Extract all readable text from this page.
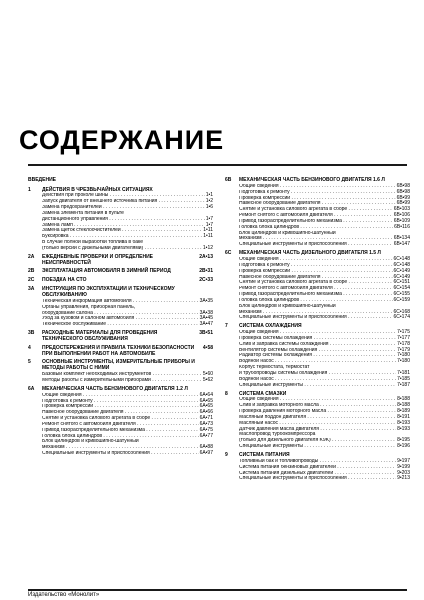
СОДЕРЖАНИЕ
ВВЕДЕНИЕ
1	ДЕЙСТВИЯ В ЧРЕЗВЫЧАЙНЫХ СИТУАЦИЯХ
Действия при проколе шины . . .	1•1
Запуск двигателя от внешнего источника питания . . .	1•2
Замена предохранителей . . .	1•6
Замена элемента питания в пульте
дистанционного управления . . .	1•7
Замена ламп . . .	1•7
Замена щеток стеклоочистителей . . .	1•11
Буксировка . . .	1•11
В случае полной выработки топлива в баке
(только версии с дизельными двигателями) . . .	1•12
2A	ЕЖЕДНЕВНЫЕ ПРОВЕРКИ И ОПРЕДЕЛЕНИЕ НЕИСПРАВНОСТЕЙ
2A•13
2B	ЭКСПЛУАТАЦИЯ АВТОМОБИЛЯ В ЗИМНИЙ ПЕРИОД	2B•31
2C	ПОЕЗДКА НА СТО	2C•33
3A	ИНСТРУКЦИЯ ПО ЭКСПЛУАТАЦИИ И ТЕХНИЧЕСКОМУ ОБСЛУЖИВАНИЮ
Техническая информация автомобиля . . .	3A•35
Органы управления, приборная панель,
оборудование салона . . .	3A•38
Уход за кузовом и салоном автомобиля . . .	3A•45
Техническое обслуживание . . .	3A•47
3B	РАСХОДНЫЕ МАТЕРИАЛЫ ДЛЯ ПРОВЕДЕНИЯ ТЕХНИЧЕСКОГО ОБСЛУЖИВАНИЯ
3B•51
4	ПРЕДОСТЕРЕЖЕНИЯ И ПРАВИЛА ТЕХНИКИ БЕЗОПАСНОСТИ ПРИ ВЫПОЛНЕНИИ РАБОТ НА АВТОМОБИЛЕ
4•58
5	ОСНОВНЫЕ ИНСТРУМЕНТЫ, ИЗМЕРИТЕЛЬНЫЕ ПРИБОРЫ И МЕТОДЫ РАБОТЫ С НИМИ
Базовый комплект необходимых инструментов . . .	5•60
Методы работы с измерительными приборами . . .	5•62
6A	МЕХАНИЧЕСКАЯ ЧАСТЬ БЕНЗИНОВОГО ДВИГАТЕЛЯ 1.2 Л
Общие сведения . . .	6A•64
Подготовка к ремонту . . .	6A•65
Проверка компрессии . . .	6A•65
Навесное оборудование двигателя . . .	6A•66
Снятие и установка силового агрегата в сборе . . .	6A•71
Ремонт снятого с автомобиля двигателя . . .	6A•73
Привод газораспределительного механизма . . .	6A•75
Головка блока цилиндров . . .	6A•77
Блок цилиндров и кривошипно-шатунный
механизм . . .	6A•88
Специальные инструменты и приспособления . . .	6A•97
6B	МЕХАНИЧЕСКАЯ ЧАСТЬ БЕНЗИНОВОГО ДВИГАТЕЛЯ 1.6 Л
Общие сведения . . .	6B•98
Подготовка к ремонту . . .	6B•98
Проверка компрессии . . .	6B•99
Навесное оборудование двигателя . . .	6B•99
Снятие и установка силового агрегата в сборе . . .	6B•103
Ремонт снятого с автомобиля двигателя . . .	6B•106
Привод газораспределительного механизма . . .	6B•109
Головка блока цилиндров . . .	6B•116
Блок цилиндров и кривошипно-шатунный
механизм . . .	6B•134
Специальные инструменты и приспособления . . .	6B•147
6C	МЕХАНИЧЕСКАЯ ЧАСТЬ ДИЗЕЛЬНОГО ДВИГАТЕЛЯ 1.5 Л
Общие сведения . . .	6C•148
Подготовка к ремонту . . .	6C•148
Проверка компрессии . . .	6C•149
Навесное оборудование двигателя . . .	6C•149
Снятие и установка силового агрегата в сборе . . .	6C•151
Ремонт снятого с автомобиля двигателя . . .	6C•154
Привод газораспределительного механизма . . .	6C•155
Головка блока цилиндров . . .	6C•159
Блок цилиндров и кривошипно-шатунный
механизм . . .	6C•168
Специальные инструменты и приспособления . . .	6C•174
7	СИСТЕМА ОХЛАЖДЕНИЯ
Общие сведения . . .	7•175
Проверка системы охлаждения . . .	7•177
Слив и заправка системы охлаждения . . .	7•178
Вентилятор системы охлаждения . . .	7•179
Радиатор системы охлаждения . . .	7•180
Водяной насос . . .	7•180
Корпус термостата, термостат
и трубопроводы системы охлаждения . . .	7•181
Водяной насос . . .	7•185
Специальные инструменты . . .	7•187
8	СИСТЕМА СМАЗКИ
Общие сведения . . .	8•188
Слив и заправка моторного масла . . .	8•188
Проверка давления моторного масла . . .	8•189
Масляный поддон двигателя . . .	8•191
Масляный насос . . .	8•193
Датчик давления масла двигателя . . .	8•193
Маслопровод турбокомпрессора
(только для дизельного двигателя K9K) . . .	8•195
Специальные инструменты . . .	8•196
9	СИСТЕМА ПИТАНИЯ
Топливный бак и топливопроводы . . .	9•197
Система питания бензиновых двигателей . . .	9•199
Система питания дизельных двигателей . . .	9•203
Специальные инструменты и приспособления . . .	9•213
Издательство «Монолит»
